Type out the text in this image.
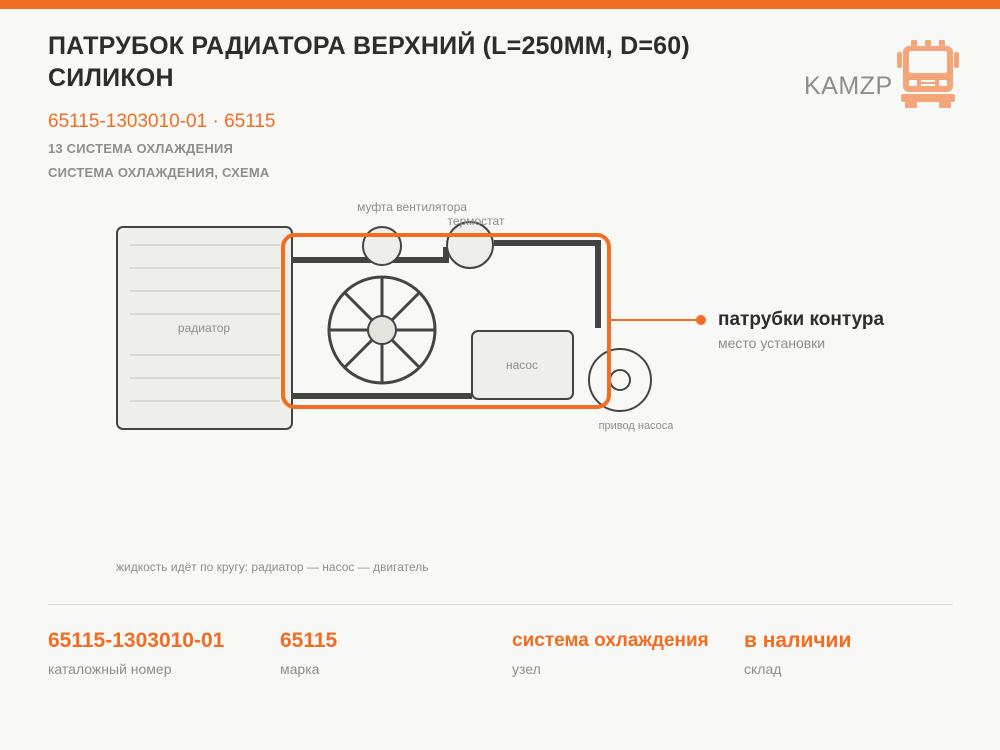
ПАТРУБОК РАДИАТОРА ВЕРХНИЙ (L=250ММ, D=60) СИЛИКОН
65115-1303010-01 · 65115
13 СИСТЕМА ОХЛАЖДЕНИЯ
СИСТЕМА ОХЛАЖДЕНИЯ, СХЕМА
KAMZP
радиатор
насос
муфта вентилятора
термостат
привод насоса
патрубки контура
место установки
жидкость идёт по кругу: радиатор — насос — двигатель
65115-1303010-01
каталожный номер
65115
марка
система охлаждения
узел
в наличии
склад
